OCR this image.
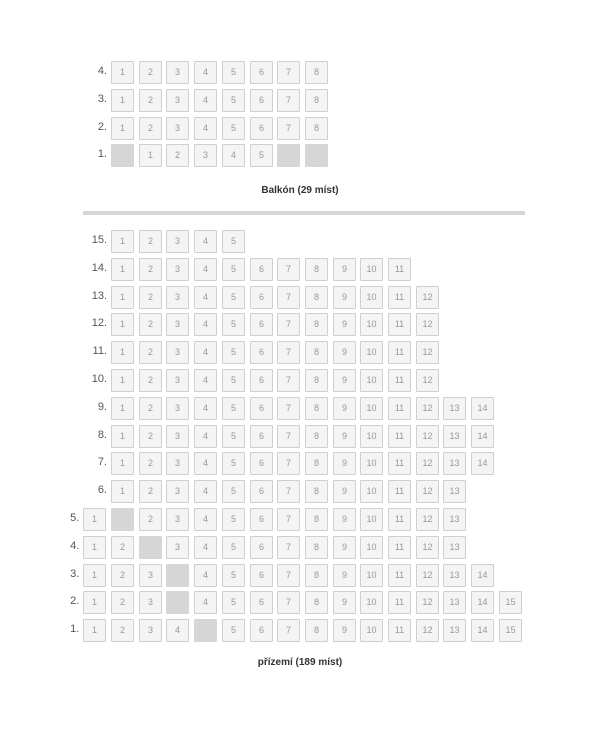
4.	1	2	3	4	5	6	7	8
3.	1	2	3	4	5	6	7	8
2.	1	2	3	4	5	6	7	8
1.	1	2	3	4	5
Balkón (29 míst)
15.	1	2	3	4	5
14.	1	2	3	4	5	6	7	8	9	10	11
13.	1	2	3	4	5	6	7	8	9	10	11	12
12.	1	2	3	4	5	6	7	8	9	10	11	12
11.	1	2	3	4	5	6	7	8	9	10	11	12
10.	1	2	3	4	5	6	7	8	9	10	11	12
9.	1	2	3	4	5	6	7	8	9	10	11	12	13	14
8.	1	2	3	4	5	6	7	8	9	10	11	12	13	14
7.	1	2	3	4	5	6	7	8	9	10	11	12	13	14
6.	1	2	3	4	5	6	7	8	9	10	11	12	13
5.	1	2	3	4	5	6	7	8	9	10	11	12	13
4.	1	2	3	4	5	6	7	8	9	10	11	12	13
3.	1	2	3	4	5	6	7	8	9	10	11	12	13	14
2.	1	2	3	4	5	6	7	8	9	10	11	12	13	14	15
1.	1	2	3	4	5	6	7	8	9	10	11	12	13	14	15
přízemí (189 míst)
